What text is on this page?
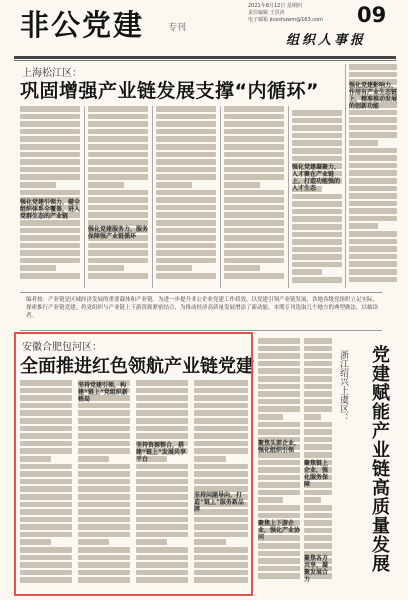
非公党建	专刊
2021年8月12日 星期四
责任编辑 王洪涛
电子邮箱 jiceshuwm@163.com 09
组织人事报
上海松江区：
巩固增强产业链发展支撑“内循环”
强化党建引领力，健全组织体系全覆盖，进入党群生态的产业链
强化党建服务力，服务保障强产业链循环
强化党建凝聚力，人才聚在产业链上，打造功能强的人才生态
强化党建影响力，作用有产业生态链上，精准推动发展的创新功能
编者按：产业链是区域经济发展的重要载体和产业链。为进一步提升非公企业党建工作质效，以党建引领产业链发展，各地各级党组织立足实际，探索推行产业链党建，将党组织与产业链上下游资源紧密结合，为推动经济高质量发展增添了新动能。本期专刊选取几个地方的典型做法，以飨读者。
安徽合肥包河区：
全面推进红色领航产业链党建
坚持党建引领，构建“链上”党组织新格局
坚持资源整合，搭建“链上”发展共享平台
坚持问题导向，打造“链上”服务新品牌
浙江绍兴上虞区：	党建赋能产业链高质量发展
聚焦头部企业，强化组织引领
聚焦链上企业，强化服务保障
聚焦上下游企业，强化产业协同
聚焦各方共享，凝聚发展合力
